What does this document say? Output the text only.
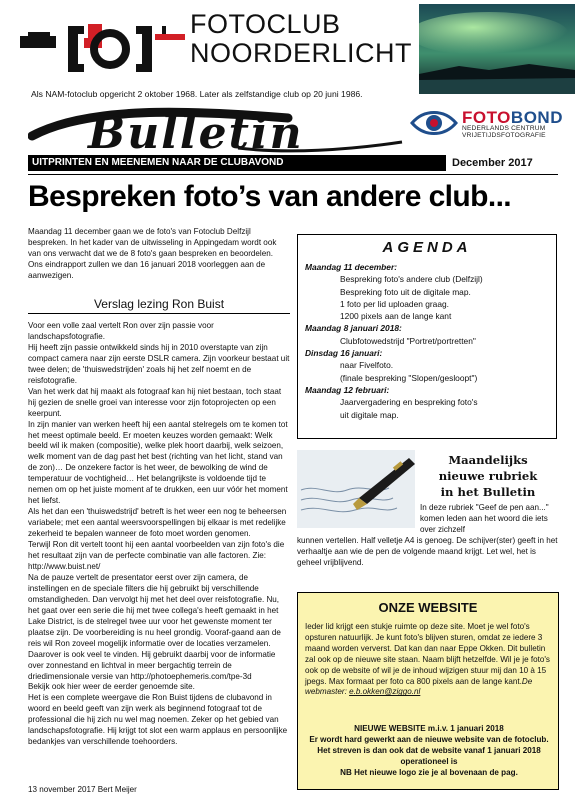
FOTOCLUB
NOORDERLICHT
Als NAM-fotoclub opgericht 2 oktober 1968. Later als zelfstandige club op 20 juni 1986.
Bulletin	FOTOBOND
NEDERLANDS CENTRUM
VRIJETIJDSFOTOGRAFIE
UITPRINTEN EN MEENEMEN NAAR DE CLUBAVOND	December 2017
Bespreken foto’s van andere club...
Maandag 11 december gaan we de foto's van Fotoclub Delfzijl bespreken. In het kader van de uitwisseling in Appingedam wordt ook van ons verwacht dat we de 8 foto's gaan bespreken en beoordelen. Ons eindrapport zullen we dan 16 januari 2018 voorleggen aan de aanwezigen.
Verslag lezing Ron Buist

Voor een volle zaal vertelt Ron over zijn passie voor landschapsfotografie.

Hij heeft zijn passie ontwikkeld sinds hij in 2010 overstapte van zijn compact camera naar zijn eerste DSLR camera. Zijn voorkeur bestaat uit twee delen; de 'thuiswedstrijden' zoals hij het zelf noemt en de reisfotografie.

Van het werk dat hij maakt als fotograaf kan hij niet bestaan, toch staat hij gezien de snelle groei van interesse voor zijn fotoprojecten op een keerpunt.

In zijn manier van werken heeft hij een aantal stelregels om te komen tot het meest optimale beeld. Er moeten keuzes worden gemaakt: Welk beeld wil ik maken (compositie), welke plek hoort daarbij, welk seizoen, welk moment van de dag past het best (richting van het licht, stand van de zon)… De onzekere factor is het weer, de bewolking de wind de temperatuur de vochtigheid… Het belangrijkste is voldoende tijd te nemen om op het juiste moment af te drukken, een uur vóór het moment het liefst.

Als het dan een 'thuiswedstrijd' betreft is het weer een nog te beheersen variabele; met een aantal weersvoorspellingen bij elkaar is met redelijke zekerheid te bepalen wanneer de foto moet worden genomen.

Terwijl Ron dit vertelt toont hij een aantal voorbeelden van zijn foto's die het resultaat zijn van de perfecte combinatie van alle factoren. Zie: http://www.buist.net/

Na de pauze vertelt de presentator eerst over zijn camera, de instellingen en de speciale filters die hij gebruikt bij verschillende omstandigheden. Dan vervolgt hij met het deel over reisfotografie. Nu, het gaat over een serie die hij met twee collega's heeft gemaakt in het Lake District, is de stelregel twee uur voor het gewenste moment ter plaatse zijn. De voorbereiding is nu heel grondig. Vooraf-gaand aan de reis wil Ron zoveel mogelijk informatie over de locaties verzamelen. Daarover is ook veel te vinden. Hij gebruikt daarbij voor de informatie over zonnestand en lichtval in meer bergachtig terrein de driedimensionale versie van http://photoephemeris.com/tpe-3d

Bekijk ook hier weer de eerder genoemde site.

Het is een complete weergave die Ron Buist tijdens de clubavond in woord en beeld geeft van zijn werk als beginnend fotograaf tot de professional die hij zich nu wel mag noemen. Zeker op het gebied van landschapsfotografie. Hij krijgt tot slot een warm applaus en persoonlijke bedankjes van verschillende toehoorders.

13 november 2017 Bert Meijer
AGENDA
Maandag 11 december:
Bespreking foto's andere club (Delfzijl)
Bespreking foto uit de digitale map.
1 foto per lid uploaden graag.
1200 pixels aan de lange kant
Maandag 8 januari 2018:
Clubfotowedstrijd "Portret/portretten"
Dinsdag 16 januari:
naar Fivelfoto.
(finale bespreking "Slopen/gesloopt")
Maandag 12 februari:
Jaarvergadering en bespreking foto's
uit digitale map.
Maandelijks
nieuwe rubriek
in het Bulletin
In deze rubriek "Geef de pen aan..." komen leden aan het woord die iets over zichzelf
kunnen vertellen. Half velletje A4 is genoeg. De schijver(ster) geeft in het verhaaltje aan wie de pen de volgende maand krijgt. Let wel, het is geheel vrijblijvend.
ONZE WEBSITE
Ieder lid krijgt een stukje ruimte op deze site. Moet je wel foto's opsturen natuurlijk. Je kunt foto's blijven sturen, omdat ze iedere 3 maand worden ververst. Dat kan dan naar Eppe Okken. Dit bulletin zal ook op de nieuwe site staan. Naam blijft hetzelfde. Wil je je foto's ook op de website of wil je de inhoud wijzigen stuur mij dan 10 à 15 jpegs. Max formaat per foto ca 800 pixels aan de lange kant.De webmaster: e.b.okken@ziggo.nl

NIEUWE WEBSITE m.i.v. 1 januari 2018

Er wordt hard gewerkt aan de nieuwe website van de fotoclub. Het streven is dan ook dat de website vanaf 1 januari 2018 operationeel is

NB Het nieuwe logo zie je al bovenaan de pag.
